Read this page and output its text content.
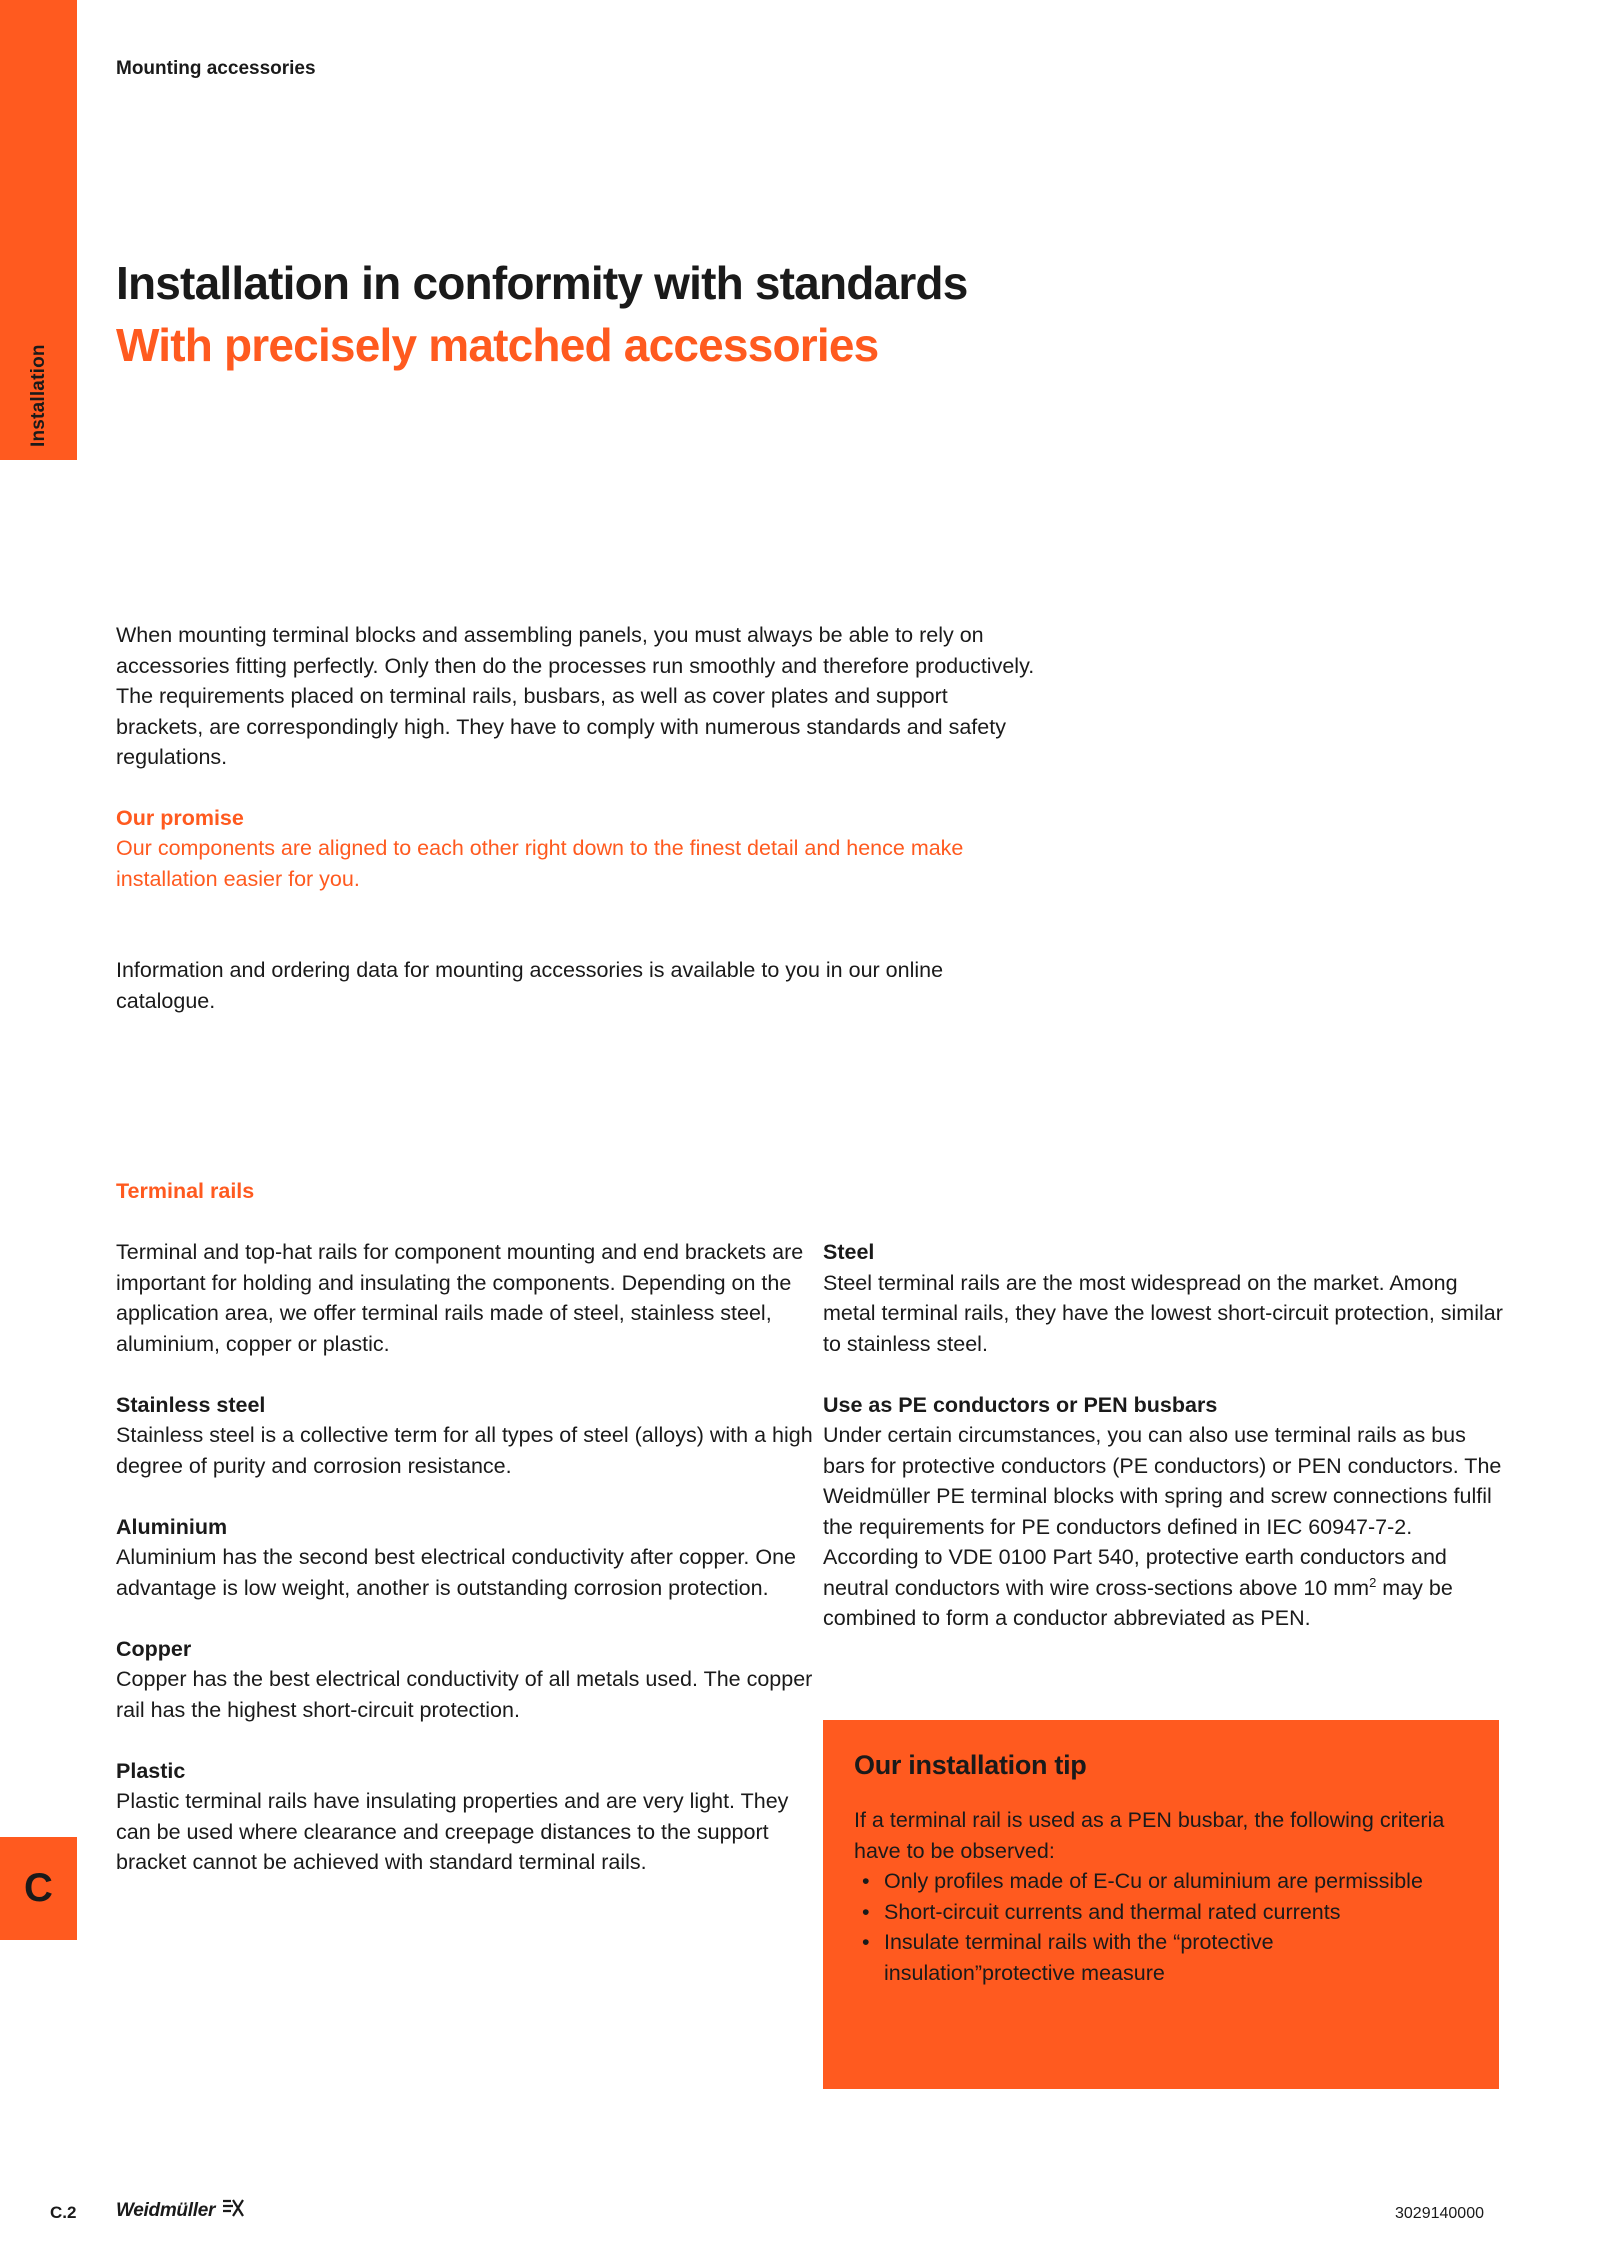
Installation
C
Mounting accessories
Installation in conformity with standards
With precisely matched accessories

When mounting terminal blocks and assembling panels, you must always be able to rely on accessories fitting perfectly. Only then do the processes run smoothly and therefore productively. The requirements placed on terminal rails, busbars, as well as cover plates and support brackets, are correspondingly high. They have to comply with numerous standards and safety regulations.

Our promise

Our components are aligned to each other right down to the finest detail and hence make installation easier for you.

Information and ordering data for mounting accessories is available to you in our online catalogue.

Terminal rails

Terminal and top-hat rails for component mounting and end brackets are important for holding and insulating the components. Depending on the application area, we offer terminal rails made of steel, stainless steel, aluminium, copper or plastic.

Stainless steel

Stainless steel is a collective term for all types of steel (alloys) with a high degree of purity and corrosion resistance.

Aluminium

Aluminium has the second best electrical conductivity after copper. One advantage is low weight, another is outstanding corrosion protection.

Copper

Copper has the best electrical conductivity of all metals used. The copper rail has the highest short-circuit protection.

Plastic

Plastic terminal rails have insulating properties and are very light. They can be used where clearance and creepage distances to the support bracket cannot be achieved with standard terminal rails.

Steel

Steel terminal rails are the most widespread on the market. Among metal terminal rails, they have the lowest short-circuit protection, similar to stainless steel.

Use as PE conductors or PEN busbars

Under certain circumstances, you can also use terminal rails as bus bars for protective conductors (PE conductors) or PEN conductors. The Weidmüller PE terminal blocks with spring and screw connections fulfil the requirements for PE conductors defined in IEC 60947-7-2. According to VDE 0100 Part 540, protective earth conductors and neutral conductors with wire cross-sections above 10 $mm^2$ may be combined to form a conductor abbreviated as PEN.

Our installation tip

If a terminal rail is used as a PEN busbar, the following criteria have to be observed:

• Only profiles made of E-Cu or aluminium are permissible
• Short-circuit currents and thermal rated currents
• Insulate terminal rails with the “protective insulation”protective measure
C.2 Weidmüller	3029140000
